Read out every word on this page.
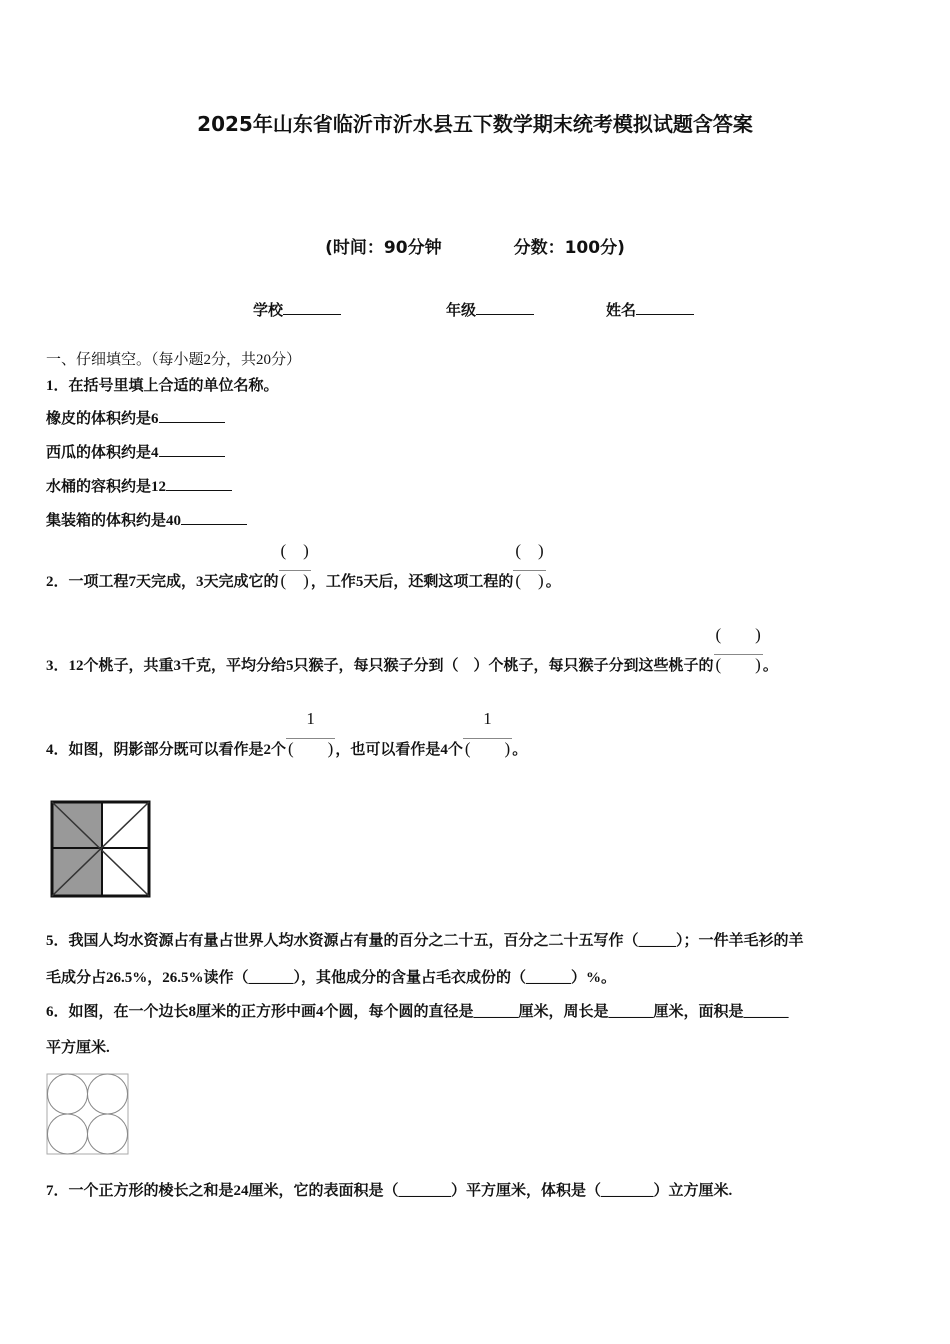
2025年山东省临沂市沂水县五下数学期末统考模拟试题含答案
(时间：90分钟	分数：100分)
学校	年级	姓名
一、仔细填空。（每小题2分，共20分）
1．在括号里填上合适的单位名称。
橡皮的体积约是6
西瓜的体积约是4
水桶的容积约是12
集装箱的体积约是40
2．一项工程7天完成，3天完成它的
(　)
(　) ，工作5天后，还剩这项工程的
(　)
(　) 。
3．12个桃子，共重3千克，平均分给5只猴子，每只猴子分到（　）个桃子，每只猴子分到这些桃子的
(　　)
(　　) 。
4．如图，阴影部分既可以看作是2个
1
(　　) ，也可以看作是4个
1
(　　) 。
5．我国人均水资源占有量占世界人均水资源占有量的百分之二十五，百分之二十五写作（_____）；一件羊毛衫的羊
毛成分占26.5%，26.5%读作（______），其他成分的含量占毛衣成份的（______）%。
6．如图，在一个边长8厘米的正方形中画4个圆，每个圆的直径是______厘米，周长是______厘米，面积是______
平方厘米.
7．一个正方形的棱长之和是24厘米，它的表面积是（_______）平方厘米，体积是（_______）立方厘米.
